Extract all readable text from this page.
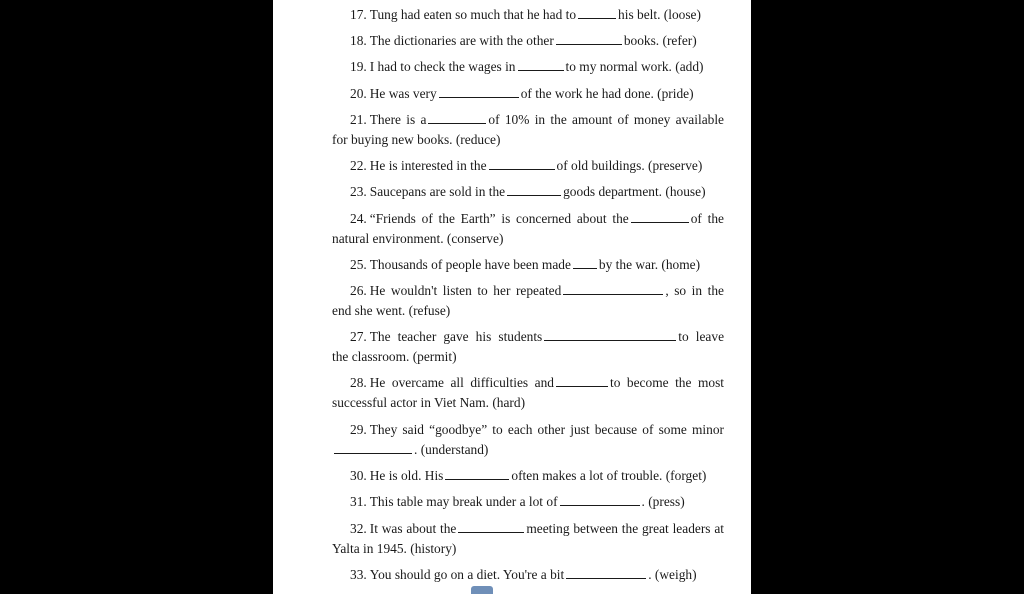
17. Tung had eaten so much that he had to	his belt. (loose)
18. The dictionaries are with the other	books. (refer)
19. I had to check the wages in	to my normal work. (add)
20. He was very	of the work he had done. (pride)
21. There is a	of 10% in the amount of money available for buying new books. (reduce)
22. He is interested in the	of old buildings. (preserve)
23. Saucepans are sold in the	goods department. (house)
24. “Friends of the Earth” is concerned about the	of the natural environment. (conserve)
25. Thousands of people have been made by the war. (home)
26. He wouldn't listen to her repeated	, so in the end she went. (refuse)
27. The teacher gave his students	to leave the classroom. (permit)
28. He overcame all difficulties and	to become the most successful actor in Viet Nam. (hard)
29. They said “goodbye” to each other just because of some minor. (understand)
30. He is old. His	often makes a lot of trouble. (forget)
31. This table may break under a lot of	. (press)
32. It was about the	meeting between the great leaders at Yalta in 1945. (history)
33. You should go on a diet. You're a bit	. (weigh)
